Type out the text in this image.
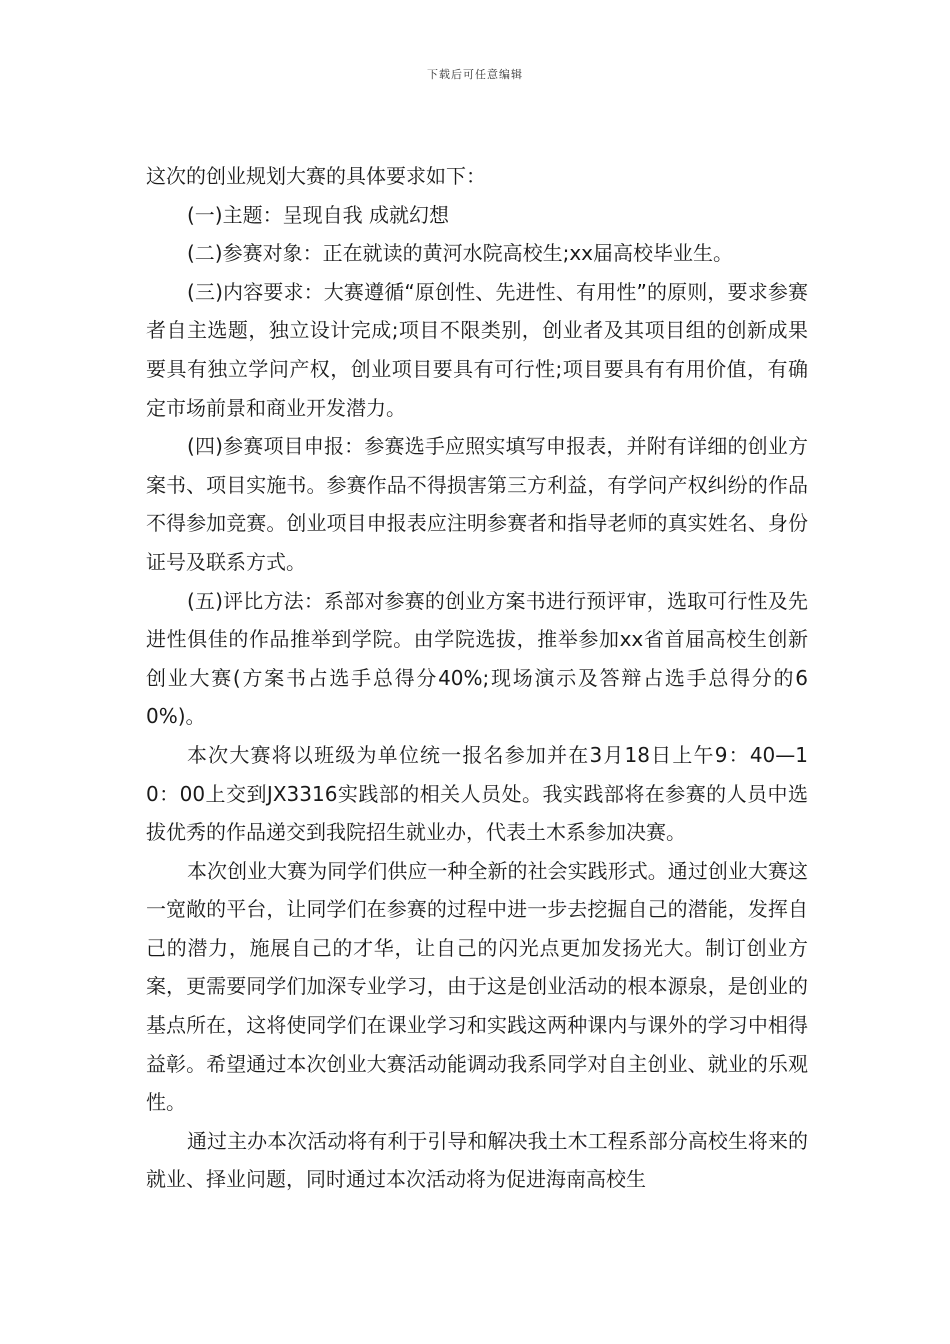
下载后可任意编辑

这次的创业规划大赛的具体要求如下：

(一)主题：呈现自我 成就幻想

(二)参赛对象：正在就读的黄河水院高校生;xx届高校毕业生。

(三)内容要求：大赛遵循“原创性、先进性、有用性”的原则，要求参赛者自主选题，独立设计完成;项目不限类别，创业者及其项目组的创新成果要具有独立学问产权，创业项目要具有可行性;项目要具有有用价值，有确定市场前景和商业开发潜力。

(四)参赛项目申报：参赛选手应照实填写申报表，并附有详细的创业方案书、项目实施书。参赛作品不得损害第三方利益，有学问产权纠纷的作品不得参加竞赛。创业项目申报表应注明参赛者和指导老师的真实姓名、身份证号及联系方式。

(五)评比方法：系部对参赛的创业方案书进行预评审，选取可行性及先进性俱佳的作品推举到学院。由学院选拔，推举参加xx省首届高校生创新创业大赛(方案书占选手总得分40%;现场演示及答辩占选手总得分的60%)。

本次大赛将以班级为单位统一报名参加并在3月18日上午9：40—10：00上交到JX3316实践部的相关人员处。我实践部将在参赛的人员中选拔优秀的作品递交到我院招生就业办，代表土木系参加决赛。

本次创业大赛为同学们供应一种全新的社会实践形式。通过创业大赛这一宽敞的平台，让同学们在参赛的过程中进一步去挖掘自己的潜能，发挥自己的潜力，施展自己的才华，让自己的闪光点更加发扬光大。制订创业方案，更需要同学们加深专业学习，由于这是创业活动的根本源泉，是创业的基点所在，这将使同学们在课业学习和实践这两种课内与课外的学习中相得益彰。希望通过本次创业大赛活动能调动我系同学对自主创业、就业的乐观性。

通过主办本次活动将有利于引导和解决我土木工程系部分高校生将来的就业、择业问题，同时通过本次活动将为促进海南高校生
